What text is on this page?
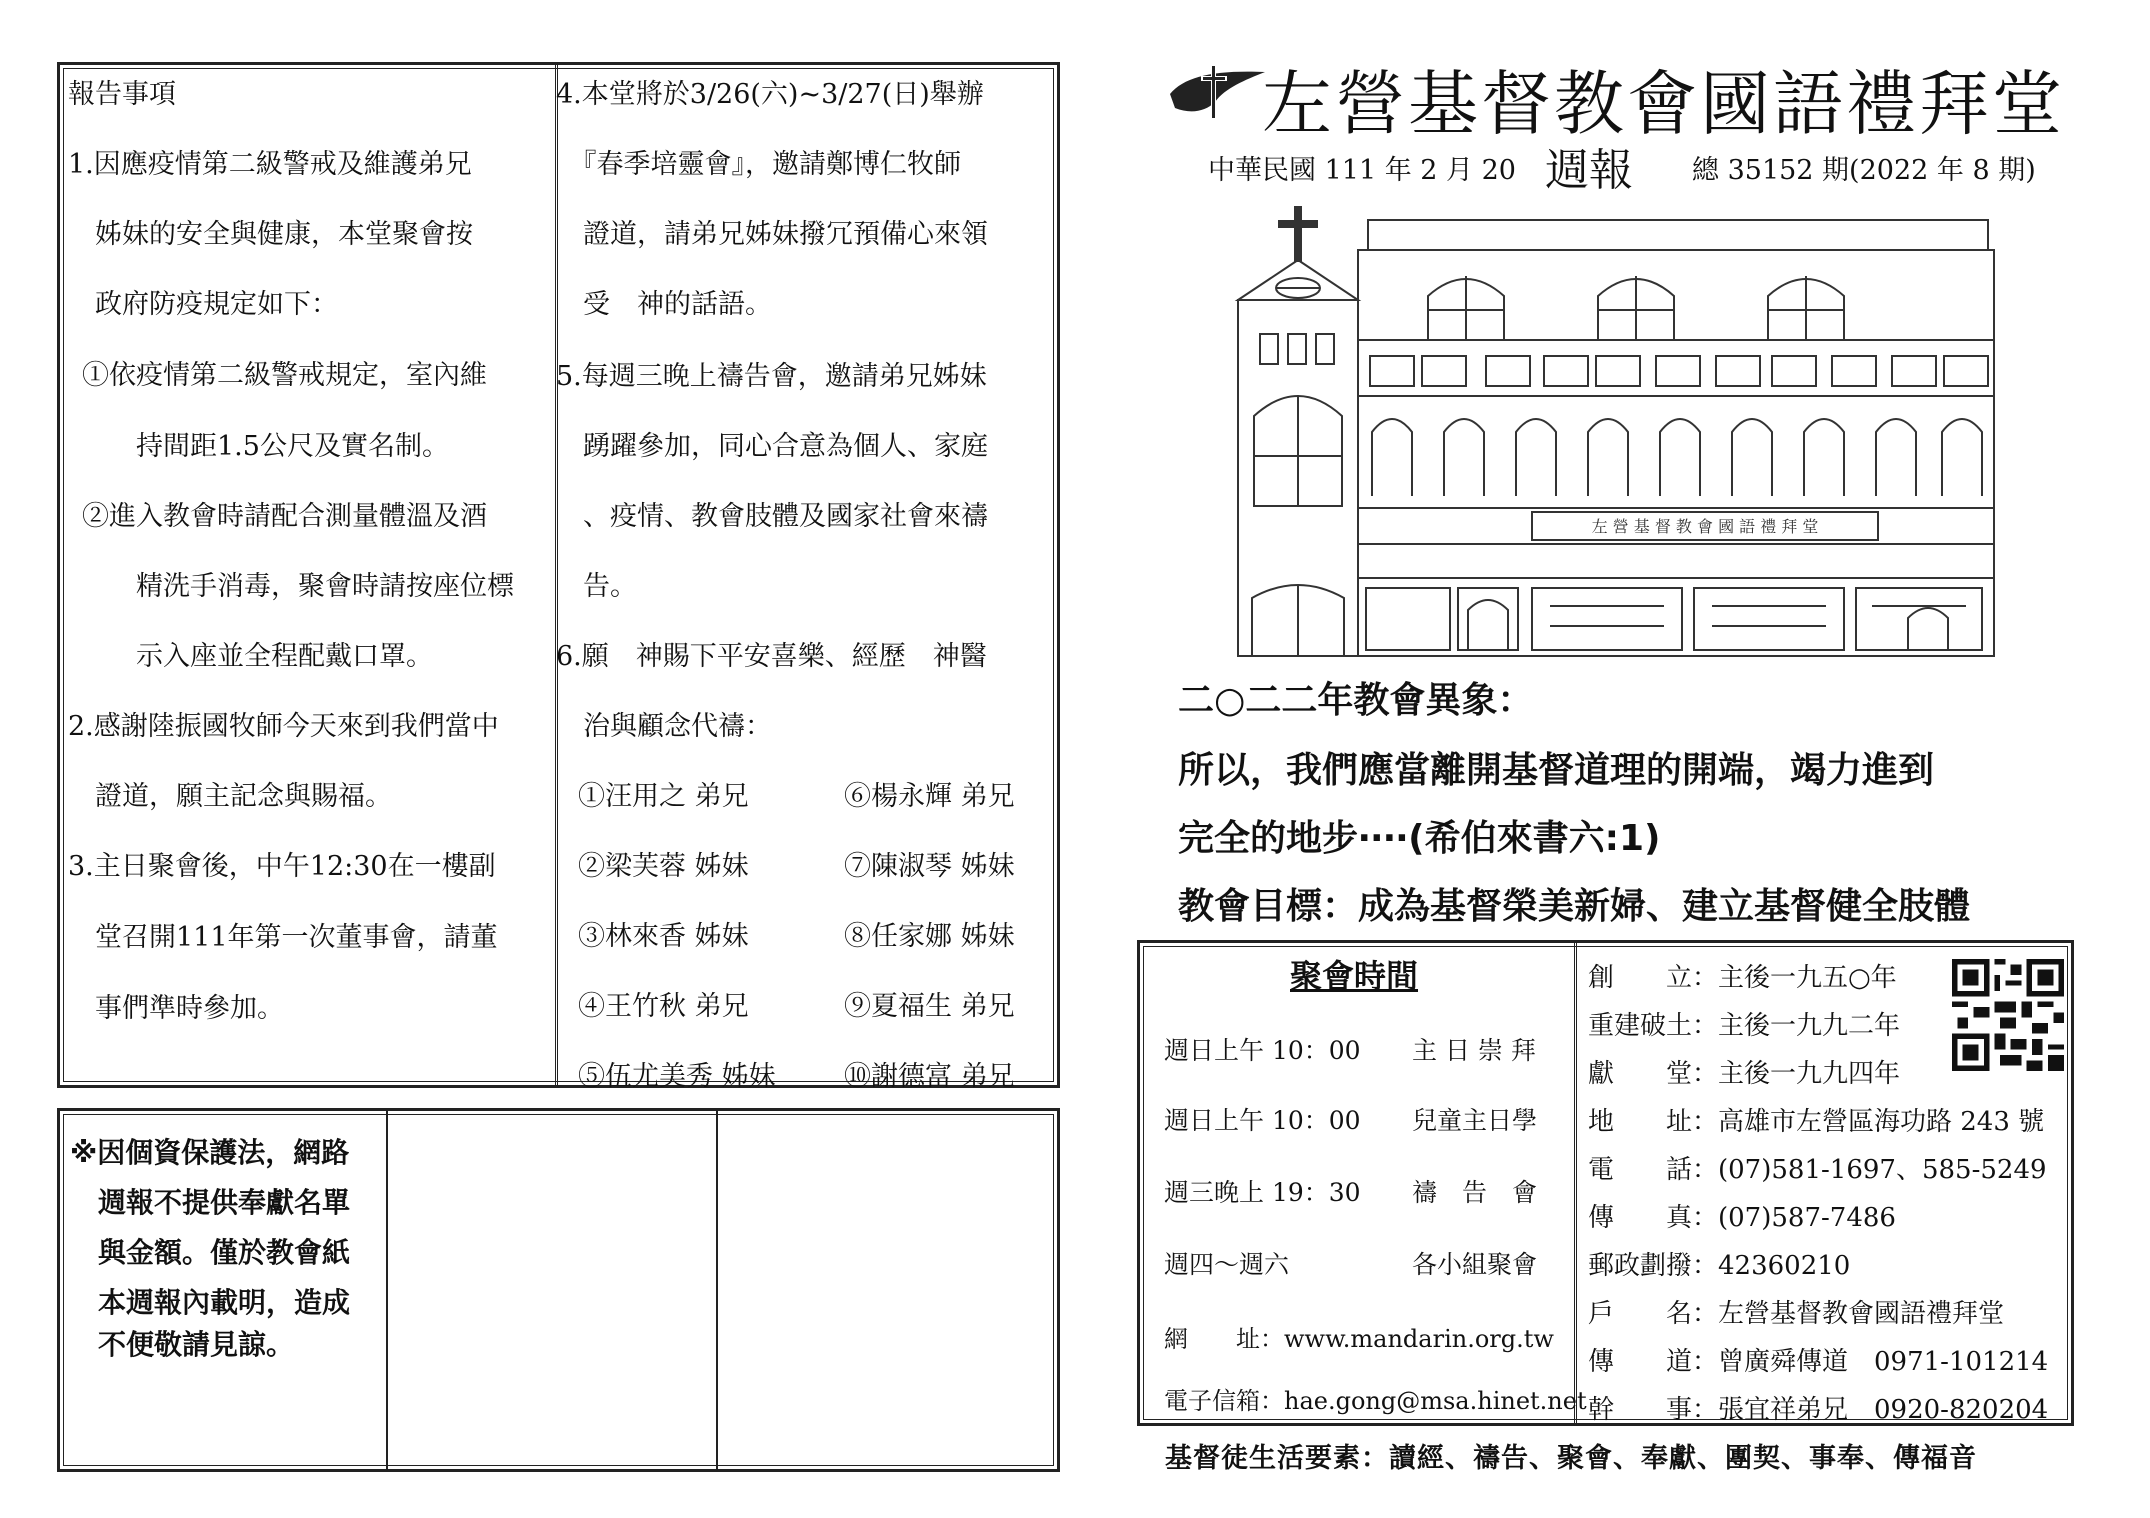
報告事項
1.因應疫情第二級警戒及維護弟兄
　姊妹的安全與健康，本堂聚會按
　政府防疫規定如下：
①依疫情第二級警戒規定，室內維
　　持間距1.5公尺及實名制。
②進入教會時請配合測量體溫及酒
　　精洗手消毒，聚會時請按座位標
　　示入座並全程配戴口罩。
2.感謝陸振國牧師今天來到我們當中
　證道，願主記念與賜福。
3.主日聚會後，中午12:30在一樓副
　堂召開111年第一次董事會，請董
　事們準時參加。
4.本堂將於3/26(六)~3/27(日)舉辦
　『春季培靈會』，邀請鄭博仁牧師
　證道，請弟兄姊妹撥冗預備心來領
　受　神的話語。
5.每週三晚上禱告會，邀請弟兄姊妹
　踴躍參加，同心合意為個人、家庭
　、疫情、教會肢體及國家社會來禱
　告。
6.願　神賜下平安喜樂、經歷　神醫
　治與顧念代禱：
①汪用之 弟兄	⑥楊永輝 弟兄
②梁芙蓉 姊妹	⑦陳淑琴 姊妹
③林來香 姊妹	⑧任家娜 姊妹
④王竹秋 弟兄	⑨夏福生 弟兄
⑤伍尤美秀 姊妹	⑩謝德富 弟兄
※因個資保護法，網路
　週報不提供奉獻名單
　與金額。僅於教會紙
　本週報內載明，造成
　不便敬請見諒。
左營基督教會國語禮拜堂
中華民國 111 年 2 月 20 週報 總 35152 期(2022 年 8 期)
左 營 基 督 教 會 國 語 禮 拜 堂
二○二二年教會異象：
所以，我們應當離開基督道理的開端，竭力進到
完全的地步‧‧‧‧(希伯來書六:1)
教會目標：成為基督榮美新婦、建立基督健全肢體
聚會時間
週日上午 10：00 主 日 崇 拜
週日上午 10：00 兒童主日學
週三晚上 19：30 禱　告　會
週四～週六	各小組聚會
網　　址：www.mandarin.org.tw
電子信箱：hae.gong@msa.hinet.net
創　　立：主後一九五○年
重建破土：主後一九九二年
獻　　堂：主後一九九四年
地　　址：高雄市左營區海功路 243 號
電　　話：(07)581-1697、585-5249
傳　　真：(07)587-7486
郵政劃撥：42360210
戶　　名：左營基督教會國語禮拜堂
傳　　道：曾廣舜傳道　0971-101214
幹　　事：張宜祥弟兄　0920-820204
基督徒生活要素：讀經、禱告、聚會、奉獻、團契、事奉、傳福音
